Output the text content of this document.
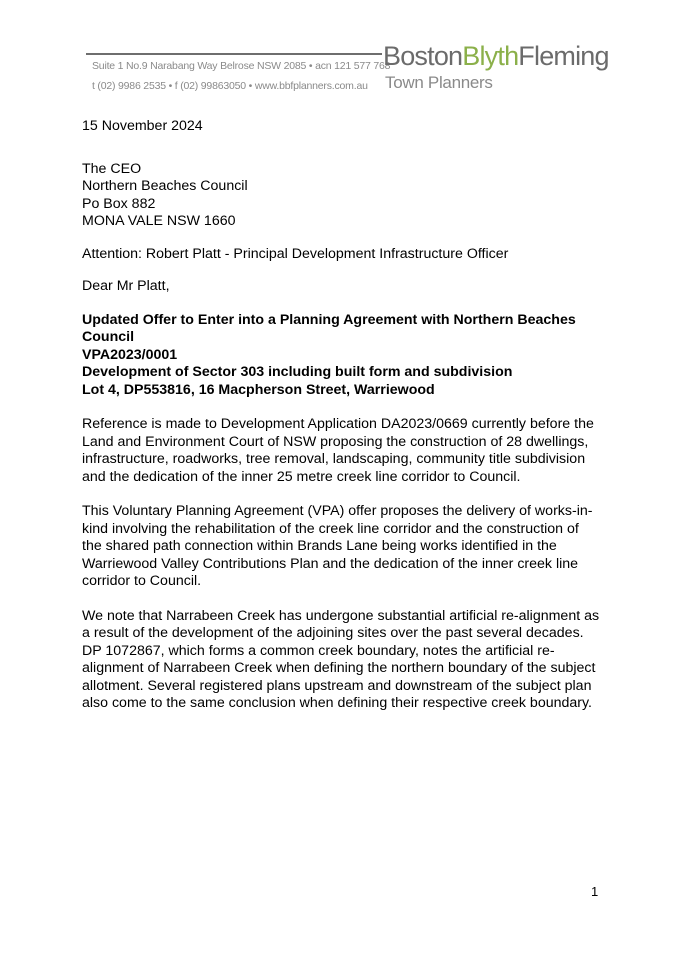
Suite 1 No.9 Narabang Way Belrose NSW 2085 • acn 121 577 768
t (02) 9986 2535 • f (02) 99863050 • www.bbfplanners.com.au
BostonBlythFleming
Town Planners

15 November 2024

The CEO

Northern Beaches Council

Po Box 882

MONA VALE NSW 1660

Attention: Robert Platt - Principal Development Infrastructure Officer

Dear Mr Platt,

Updated Offer to Enter into a Planning Agreement with Northern Beaches Council

VPA2023/0001

Development of Sector 303 including built form and subdivision

Lot 4, DP553816, 16 Macpherson Street, Warriewood

Reference is made to Development Application DA2023/0669 currently before the Land and Environment Court of NSW proposing the construction of 28 dwellings, infrastructure, roadworks, tree removal, landscaping, community title subdivision and the dedication of the inner 25 metre creek line corridor to Council.

This Voluntary Planning Agreement (VPA) offer proposes the delivery of works-in-kind involving the rehabilitation of the creek line corridor and the construction of the shared path connection within Brands Lane being works identified in the Warriewood Valley Contributions Plan and the dedication of the inner creek line corridor to Council.

We note that Narrabeen Creek has undergone substantial artificial re-alignment as a result of the development of the adjoining sites over the past several decades. DP 1072867, which forms a common creek boundary, notes the artificial re-alignment of Narrabeen Creek when defining the northern boundary of the subject allotment. Several registered plans upstream and downstream of the subject plan also come to the same conclusion when defining their respective creek boundary.

1
